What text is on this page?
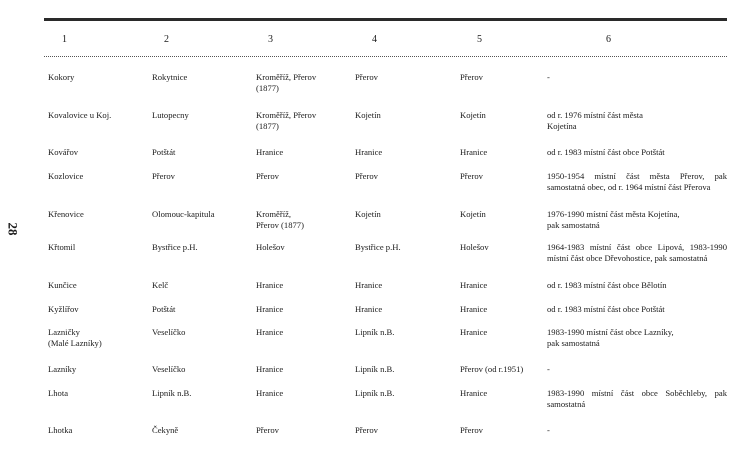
28
1	2	3	4	5	6
Kokory	Rokytnice	Kroměříž, Přerov
(1877)
Přerov	Přerov	-
Kovalovice u Koj.	Lutopecny	Kroměříž, Přerov
(1877)
Kojetín	Kojetín	od r. 1976 místní část města
Kojetína
Kovářov	Potštát	Hranice	Hranice	Hranice	od r. 1983 místní část obce Potštát
Kozlovice	Přerov	Přerov	Přerov	Přerov	1950-1954 místní část města Přerov, pak samostatná obec, od r. 1964 místní část Přerova
Křenovice	Olomouc-kapitula	Kroměříž,
Přerov (1877)
Kojetín	Kojetín	1976-1990 místní část města Kojetína,
pak samostatná
Křtomil	Bystřice p.H.	Holešov	Bystřice p.H.	Holešov	1964-1983 místní část obce Lipová, 1983-1990 místní část obce Dřevohostice, pak samostatná
Kunčice	Kelč	Hranice	Hranice	Hranice	od r. 1983 místní část obce Bělotín
Kyžlířov	Potštát	Hranice	Hranice	Hranice	od r. 1983 místní část obce Potštát
Lazničky
(Malé Lazníky)
Veselíčko	Hranice	Lipník n.B.	Hranice	1983-1990 místní část obce Lazníky,
pak samostatná
Lazníky	Veselíčko	Hranice	Lipník n.B.	Přerov (od r.1951)	-
Lhota	Lipník n.B.	Hranice	Lipník n.B.	Hranice	1983-1990 místní část obce Soběchleby, pak samostatná
Lhotka	Čekyně	Přerov	Přerov	Přerov	-
